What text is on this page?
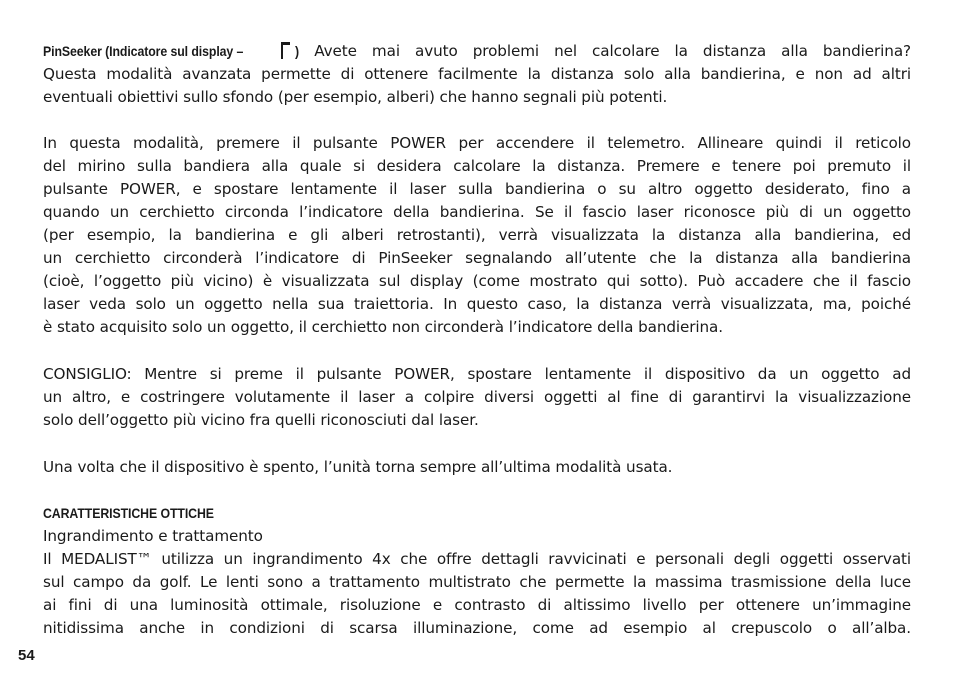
PinSeeker (Indicatore sul display –	) Avete mai avuto problemi nel calcolare la distanza alla bandierina?
Questa modalità avanzata permette di ottenere facilmente la distanza solo alla bandierina, e non ad altri
eventuali obiettivi sullo sfondo (per esempio, alberi) che hanno segnali più potenti.
In questa modalità, premere il pulsante POWER per accendere il telemetro. Allineare quindi il reticolo
del mirino sulla bandiera alla quale si desidera calcolare la distanza. Premere e tenere poi premuto il
pulsante POWER, e spostare lentamente il laser sulla bandierina o su altro oggetto desiderato, fino a
quando un cerchietto circonda l’indicatore della bandierina. Se il fascio laser riconosce più di un oggetto
(per esempio, la bandierina e gli alberi retrostanti), verrà visualizzata la distanza alla bandierina, ed
un cerchietto circonderà l’indicatore di PinSeeker segnalando all’utente che la distanza alla bandierina
(cioè, l’oggetto più vicino) è visualizzata sul display (come mostrato qui sotto). Può accadere che il fascio
laser veda solo un oggetto nella sua traiettoria. In questo caso, la distanza verrà visualizzata, ma, poiché
è stato acquisito solo un oggetto, il cerchietto non circonderà l’indicatore della bandierina.
CONSIGLIO: Mentre si preme il pulsante POWER, spostare lentamente il dispositivo da un oggetto ad
un altro, e costringere volutamente il laser a colpire diversi oggetti al fine di garantirvi la visualizzazione
solo dell’oggetto più vicino fra quelli riconosciuti dal laser.
Una volta che il dispositivo è spento, l’unità torna sempre all’ultima modalità usata.
CARATTERISTICHE OTTICHE
Ingrandimento e trattamento
Il MEDALIST™ utilizza un ingrandimento 4x che offre dettagli ravvicinati e personali degli oggetti osservati
sul campo da golf. Le lenti sono a trattamento multistrato che permette la massima trasmissione della luce
ai fini di una luminosità ottimale, risoluzione e contrasto di altissimo livello per ottenere un’immagine
nitidissima anche in condizioni di scarsa illuminazione, come ad esempio al crepuscolo o all’alba.
54
